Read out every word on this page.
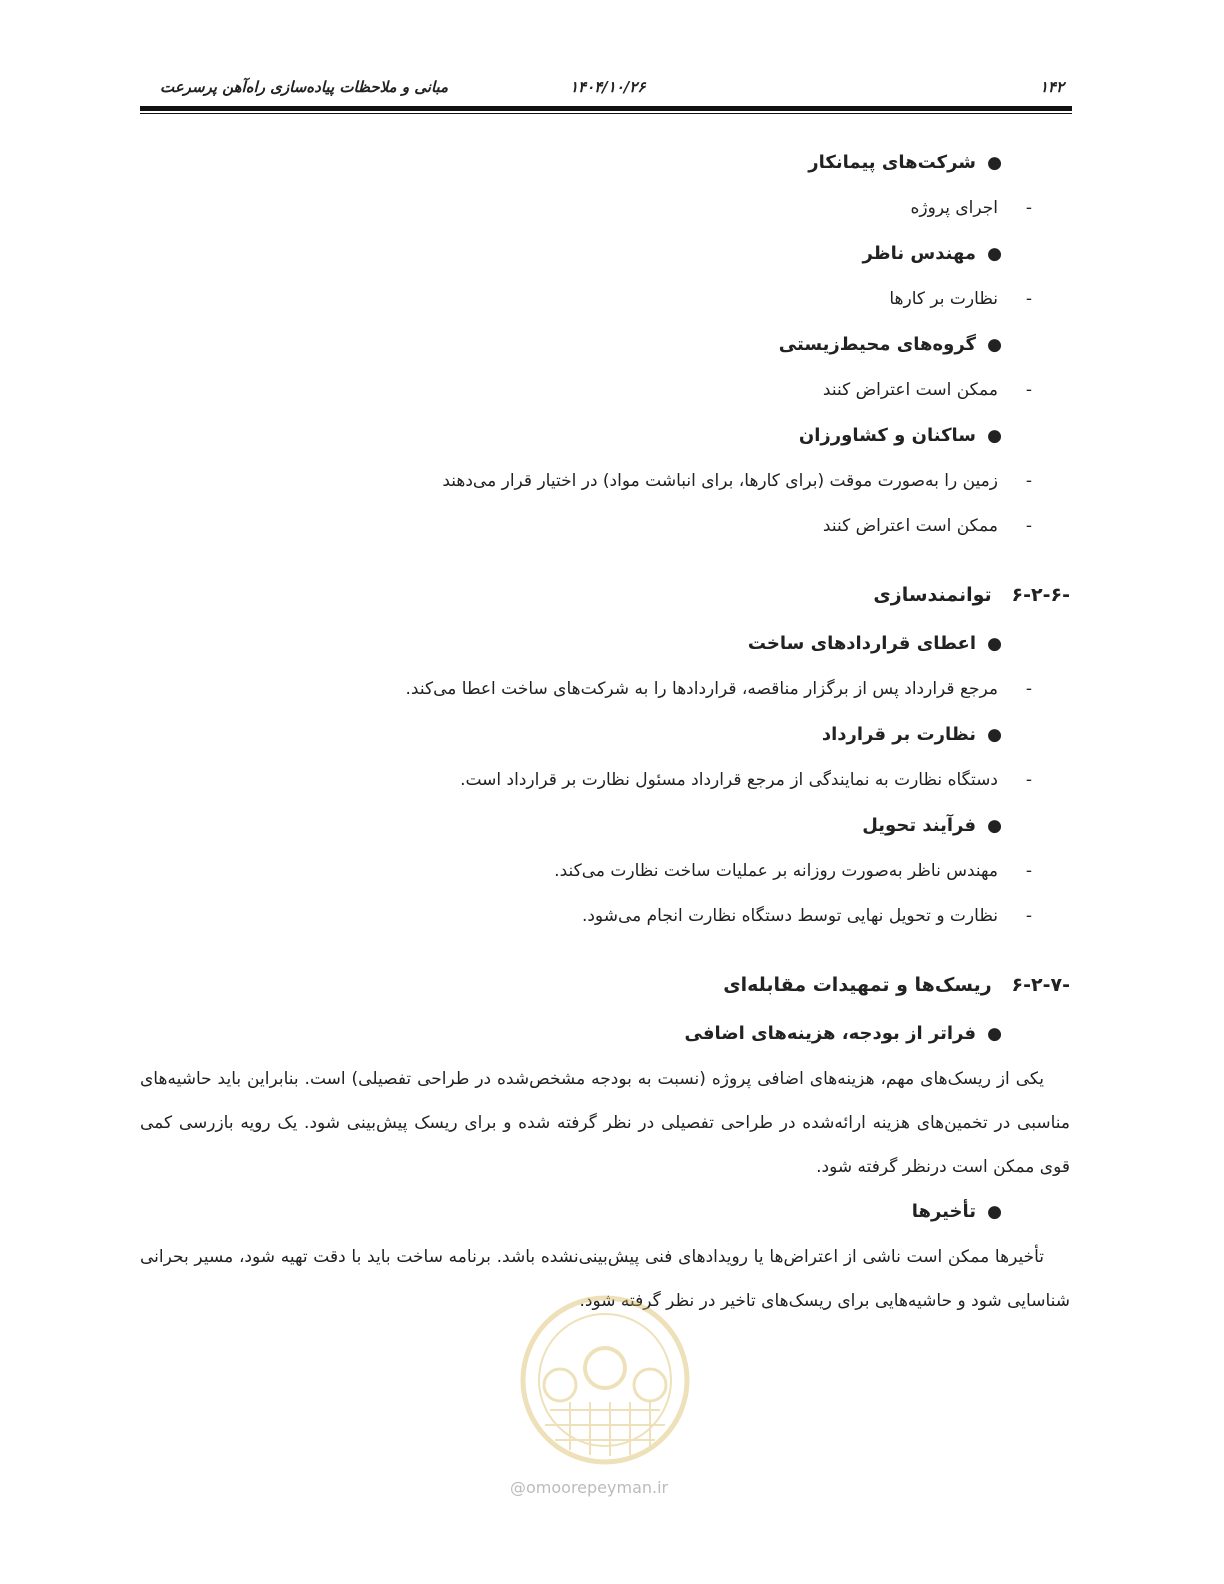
مبانی و ملاحظات پیاده‌سازی راه‌آهن پرسرعت	۱۴۰۴/۱۰/۲۶	۱۴۲
●
شرکت‌های پیمانکار
-
اجرای پروژه
●
مهندس ناظر
-
نظارت بر کارها
●
گروه‌های محیط‌زیستی
-
ممکن است اعتراض کنند
●
ساکنان و کشاورزان
-
زمین را به‌صورت موقت (برای کارها، برای انباشت مواد) در اختیار قرار می‌دهند
-
ممکن است اعتراض کنند
۶-۲-۶-   توانمندسازی
●
اعطای قراردادهای ساخت
-
مرجع قرارداد پس از برگزار مناقصه، قراردادها را به شرکت‌های ساخت اعطا می‌کند.
●
نظارت بر قرارداد
-
دستگاه نظارت به نمایندگی از مرجع قرارداد مسئول نظارت بر قرارداد است.
●
فرآیند تحویل
-
مهندس ناظر به‌صورت روزانه بر عملیات ساخت نظارت می‌کند.
-
نظارت و تحویل نهایی توسط دستگاه نظارت انجام می‌شود.
۶-۲-۷-   ریسک‌ها و تمهیدات مقابله‌ای
●
فراتر از بودجه، هزینه‌های اضافی
یکی از ریسک‌های مهم، هزینه‌های اضافی پروژه (نسبت به بودجه مشخص‌شده در طراحی تفصیلی) است. بنابراین باید حاشیه‌های مناسبی در تخمین‌های هزینه ارائه‌شده در طراحی تفصیلی در نظر گرفته شده و برای ریسک پیش‌بینی شود. یک رویه بازرسی کمی قوی ممکن است درنظر گرفته شود.
●
تأخیرها
تأخیرها ممکن است ناشی از اعتراض‌ها یا رویدادهای فنی پیش‌بینی‌نشده باشد. برنامه ساخت باید با دقت تهیه شود، مسیر بحرانی شناسایی شود و حاشیه‌هایی برای ریسک‌های تاخیر در نظر گرفته شود.
@omoorepeyman.ir
